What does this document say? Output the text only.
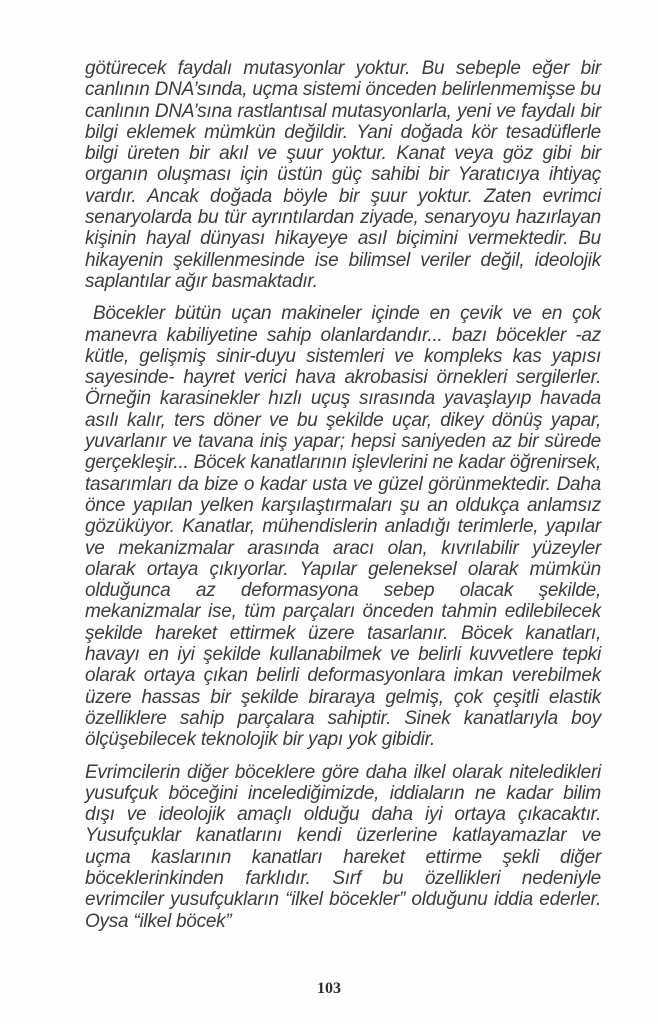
götürecek faydalı mutasyonlar yoktur. Bu sebeple eğer bir canlının DNA’sında, uçma sistemi önceden belirlenmemişse bu canlının DNA’sına rastlantısal mutasyonlarla, yeni ve faydalı bir bilgi eklemek mümkün değildir. Yani doğada kör tesadüflerle bilgi üreten bir akıl ve şuur yoktur. Kanat veya göz gibi bir organın oluşması için üstün güç sahibi bir Yaratıcıya ihtiyaç vardır. Ancak doğada böyle bir şuur yoktur. Zaten evrimci senaryolarda bu tür ayrıntılardan ziyade, senaryoyu hazırlayan kişinin hayal dünyası hikayeye asıl biçimini vermektedir. Bu hikayenin şekillenmesinde ise bilimsel veriler değil, ideolojik saplantılar ağır basmaktadır.

Böcekler bütün uçan makineler içinde en çevik ve en çok manevra kabiliyetine sahip olanlardandır... bazı böcekler -az kütle, gelişmiş sinir-duyu sistemleri ve kompleks kas yapısı sayesinde- hayret verici hava akrobasisi örnekleri sergilerler. Örneğin karasinekler hızlı uçuş sırasında yavaşlayıp havada asılı kalır, ters döner ve bu şekilde uçar, dikey dönüş yapar, yuvarlanır ve tavana iniş yapar; hepsi saniyeden az bir sürede gerçekleşir... Böcek kanatlarının işlevlerini ne kadar öğrenirsek, tasarımları da bize o kadar usta ve güzel görünmektedir. Daha önce yapılan yelken karşılaştırmaları şu an oldukça anlamsız gözüküyor. Kanatlar, mühendislerin anladığı terimlerle, yapılar ve mekanizmalar arasında aracı olan, kıvrılabilir yüzeyler olarak ortaya çıkıyorlar. Yapılar geleneksel olarak mümkün olduğunca az deformasyona sebep olacak şekilde, mekanizmalar ise, tüm parçaları önceden tahmin edilebilecek şekilde hareket ettirmek üzere tasarlanır. Böcek kanatları, havayı en iyi şekilde kullanabilmek ve belirli kuvvetlere tepki olarak ortaya çıkan belirli deformasyonlara imkan verebilmek üzere hassas bir şekilde biraraya gelmiş, çok çeşitli elastik özelliklere sahip parçalara sahiptir. Sinek kanatlarıyla boy ölçüşebilecek teknolojik bir yapı yok gibidir.

Evrimcilerin diğer böceklere göre daha ilkel olarak niteledikleri yusufçuk böceğini incelediğimizde, iddiaların ne kadar bilim dışı ve ideolojik amaçlı olduğu daha iyi ortaya çıkacaktır. Yusufçuklar kanatlarını kendi üzerlerine katlayamazlar ve uçma kaslarının kanatları hareket ettirme şekli diğer böceklerinkinden farklıdır. Sırf bu özellikleri nedeniyle evrimciler yusufçukların “ilkel böcekler” olduğunu iddia ederler. Oysa “ilkel böcek”

103
